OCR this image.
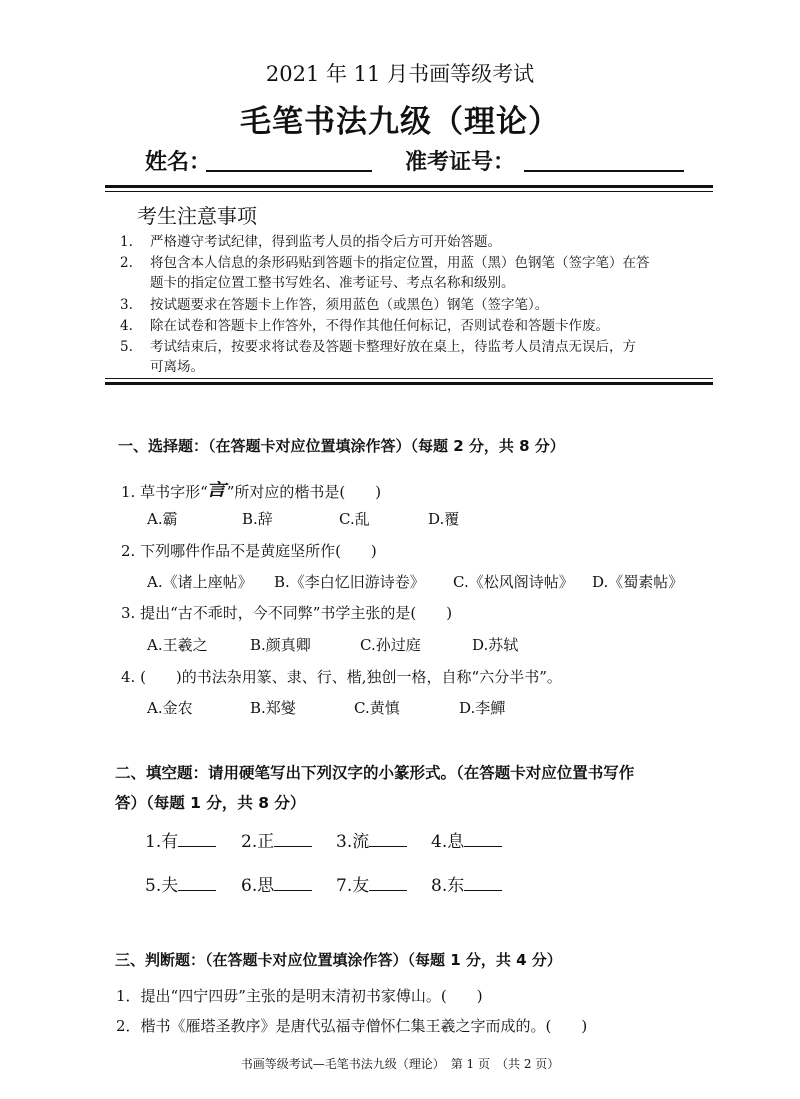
2021 年 11 月书画等级考试
毛笔书法九级（理论）
姓名：	准考证号：
考生注意事项
1.	严格遵守考试纪律，得到监考人员的指令后方可开始答题。
2.	将包含本人信息的条形码贴到答题卡的指定位置，用蓝（黑）色钢笔（签字笔）在答
题卡的指定位置工整书写姓名、准考证号、考点名称和级别。
3.	按试题要求在答题卡上作答，须用蓝色（或黑色）钢笔（签字笔）。
4.	除在试卷和答题卡上作答外，不得作其他任何标记，否则试卷和答题卡作废。
5.	考试结束后，按要求将试卷及答题卡整理好放在桌上，待监考人员清点无误后，方
可离场。
一、选择题：（在答题卡对应位置填涂作答）（每题 2 分，共 8 分）
1. 草书字形“言”所对应的楷书是(　　)
A.霸	B.辞	C.乱	D.覆
2. 下列哪件作品不是黄庭坚所作(　　)
A.《诸上座帖》 B.《李白忆旧游诗卷》 C.《松风阁诗帖》 D.《蜀素帖》
3. 提出“古不乖时，今不同弊”书学主张的是(　　)
A.王羲之	B.颜真卿	C.孙过庭	D.苏轼
4. (　　)的书法杂用篆、隶、行、楷,独创一格，自称“六分半书”。
A.金农	B.郑燮	C.黄慎	D.李鱓
二、填空题：请用硬笔写出下列汉字的小篆形式。（在答题卡对应位置书写作
答）（每题 1 分，共 8 分）
1.有	2.正	3.流	4.息
5.夫	6.思	7.友	8.东
三、判断题：（在答题卡对应位置填涂作答）（每题 1 分，共 4 分）
1．提出“四宁四毋”主张的是明末清初书家傅山。(　　)
2．楷书《雁塔圣教序》是唐代弘福寺僧怀仁集王羲之字而成的。(　　)
书画等级考试—毛笔书法九级（理论）　第 1 页　（共 2 页）
